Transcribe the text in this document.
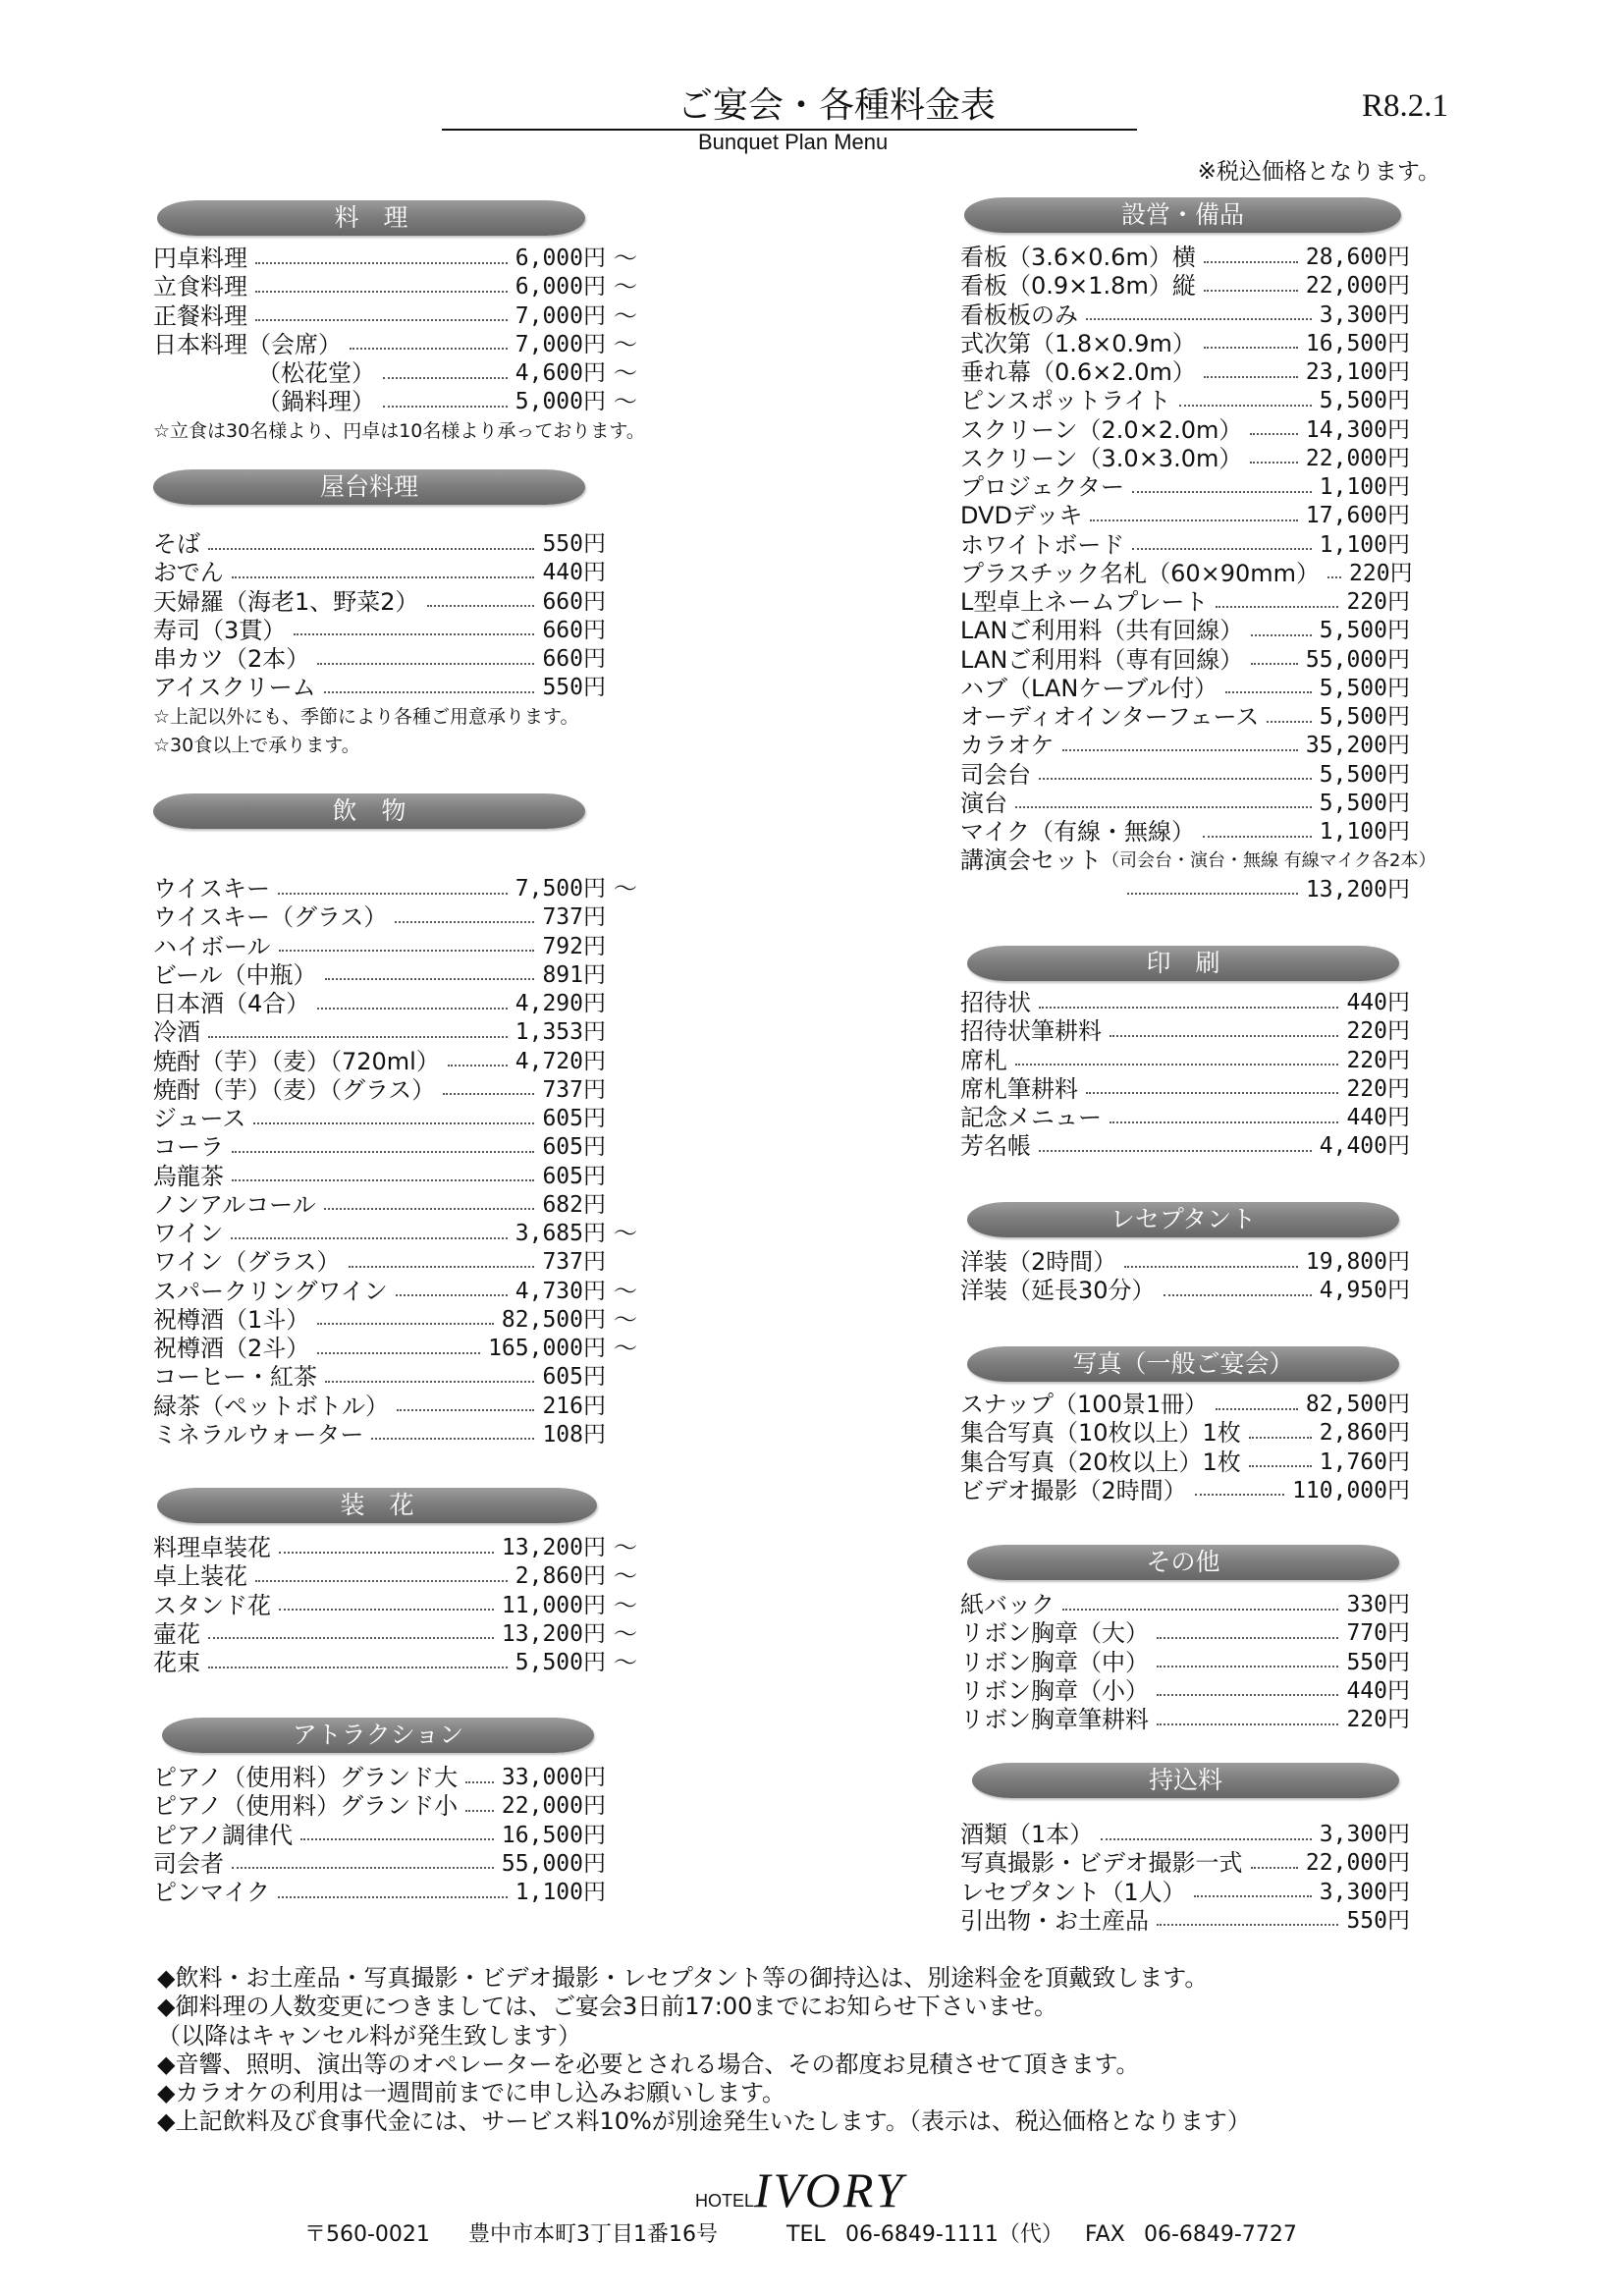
ご宴会・各種料金表	R8.2.1
Bunquet Plan Menu
※税込価格となります。
料　理
円卓料理	6,000円 ～
立食料理	6,000円 ～
正餐料理	7,000円 ～
日本料理（会席）	7,000円 ～
（松花堂）	4,600円 ～
（鍋料理）	5,000円 ～
☆立食は30名様より、円卓は10名様より承っております。
屋台料理
そば	550円
おでん	440円
天婦羅（海老1、野菜2）	660円
寿司（3貫）	660円
串カツ（2本）	660円
アイスクリーム	550円
☆上記以外にも、季節により各種ご用意承ります。
☆30食以上で承ります。
飲　物
ウイスキー	7,500円 ～
ウイスキー（グラス）	737円
ハイボール	792円
ビール（中瓶）	891円
日本酒（4合）	4,290円
冷酒	1,353円
焼酎（芋）（麦）（720ml）	4,720円
焼酎（芋）（麦）（グラス）	737円
ジュース	605円
コーラ	605円
烏龍茶	605円
ノンアルコール	682円
ワイン	3,685円 ～
ワイン（グラス）	737円
スパークリングワイン	4,730円 ～
祝樽酒（1斗）	82,500円 ～
祝樽酒（2斗）	165,000円 ～
コーヒー・紅茶	605円
緑茶（ペットボトル）	216円
ミネラルウォーター	108円
装　花
料理卓装花	13,200円 ～
卓上装花	2,860円 ～
スタンド花	11,000円 ～
壷花	13,200円 ～
花束	5,500円 ～
アトラクション
ピアノ（使用料）グランド大 33,000円
ピアノ（使用料）グランド小 22,000円
ピアノ調律代	16,500円
司会者	55,000円
ピンマイク	1,100円
設営・備品
看板（3.6×0.6m）横	28,600円
看板（0.9×1.8m）縦	22,000円
看板板のみ	3,300円
式次第（1.8×0.9m）	16,500円
垂れ幕（0.6×2.0m）	23,100円
ピンスポットライト	5,500円
スクリーン（2.0×2.0m）	14,300円
スクリーン（3.0×3.0m）	22,000円
プロジェクター	1,100円
DVDデッキ	17,600円
ホワイトボード	1,100円
プラスチック名札（60×90mm） 220円
L型卓上ネームプレート	220円
LANご利用料（共有回線）	5,500円
LANご利用料（専有回線）	55,000円
ハブ（LANケーブル付）	5,500円
オーディオインターフェース	5,500円
カラオケ	35,200円
司会台	5,500円
演台	5,500円
マイク（有線・無線）	1,100円
講演会セット （司会台・演台・無線 有線マイク各2本）
13,200円
印　刷
招待状	440円
招待状筆耕料	220円
席札	220円
席札筆耕料	220円
記念メニュー	440円
芳名帳	4,400円
レセプタント
洋装（2時間）	19,800円
洋装（延長30分）	4,950円
写真（一般ご宴会）
スナップ（100景1冊）	82,500円
集合写真（10枚以上）1枚	2,860円
集合写真（20枚以上）1枚	1,760円
ビデオ撮影（2時間）	110,000円
その他
紙バック	330円
リボン胸章（大）	770円
リボン胸章（中）	550円
リボン胸章（小）	440円
リボン胸章筆耕料	220円
持込料
酒類（1本）	3,300円
写真撮影・ビデオ撮影一式	22,000円
レセプタント（1人）	3,300円
引出物・お土産品	550円
◆飲料・お土産品・写真撮影・ビデオ撮影・レセプタント等の御持込は、別途料金を頂戴致します。
◆御料理の人数変更につきましては、ご宴会3日前17:00までにお知らせ下さいませ。
（以降はキャンセル料が発生致します）
◆音響、照明、演出等のオペレーターを必要とされる場合、その都度お見積させて頂きます。
◆カラオケの利用は一週間前までに申し込みお願いします。
◆上記飲料及び食事代金には、サービス料10%が別途発生いたします。（表示は、税込価格となります）
HOTEL IVORY
〒560-0021 豊中市本町3丁目1番16号	TEL 06-6849-1111（代） FAX 06-6849-7727
